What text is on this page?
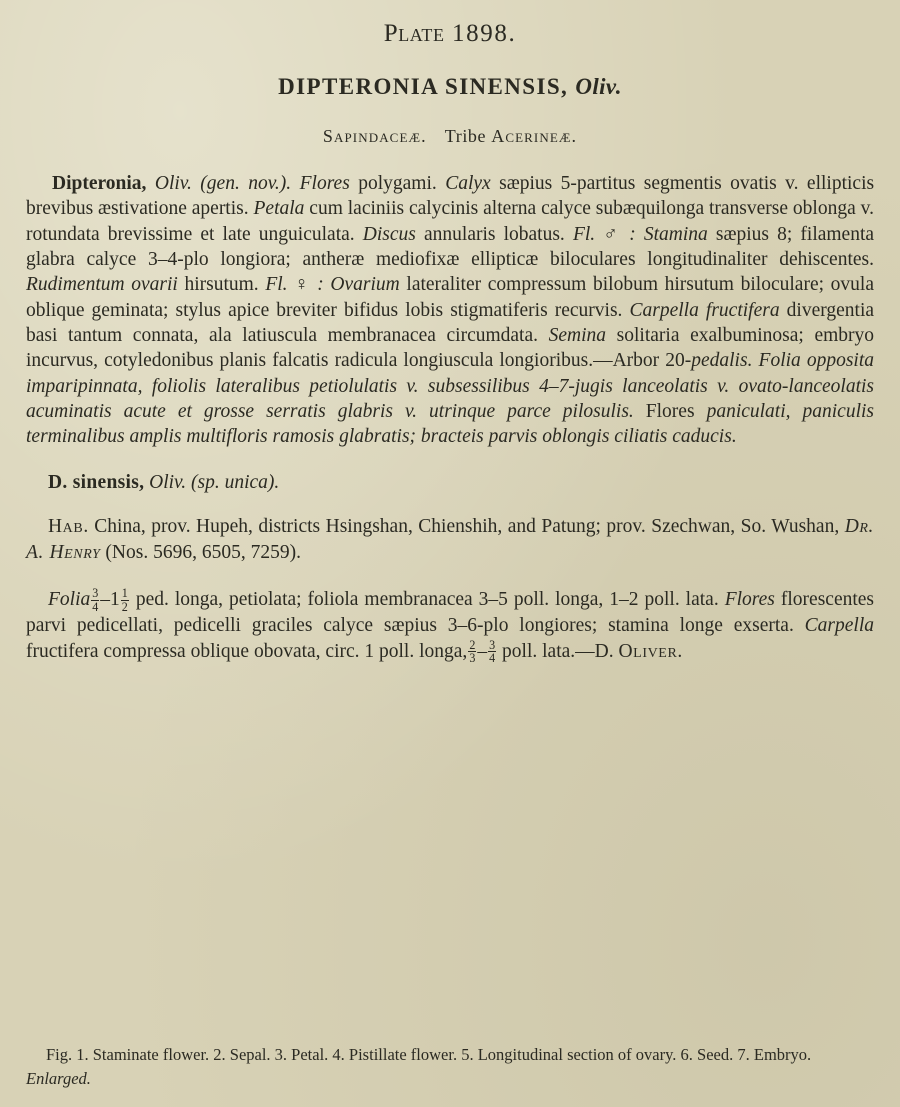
Plate 1898.
DIPTERONIA SINENSIS, Oliv.
Sapindaceæ. Tribe Acerineæ.

Dipteronia, Oliv. (gen. nov.). Flores polygami. Calyx sæpius 5-partitus segmentis ovatis v. ellipticis brevibus æstivatione apertis. Petala cum laciniis calycinis alterna calyce subæquilonga transverse oblonga v. rotundata brevissime et late unguiculata. Discus annularis lobatus. Fl. ♂ : Stamina sæpius 8; filamenta glabra calyce 3–4-plo longiora; antheræ mediofixæ ellipticæ biloculares longitudinaliter dehiscentes. Rudimentum ovarii hirsutum. Fl. ♀ : Ovarium lateraliter compressum bilobum hirsutum biloculare; ovula oblique geminata; stylus apice breviter bifidus lobis stigmatiferis recurvis. Carpella fructifera divergentia basi tantum connata, ala latiuscula membranacea circumdata. Semina solitaria exalbuminosa; embryo incurvus, cotyledonibus planis falcatis radicula longiuscula longioribus.—Arbor 20-pedalis. Folia opposita imparipinnata, foliolis lateralibus petiolulatis v. subsessilibus 4–7-jugis lanceolatis v. ovato-lanceolatis acuminatis acute et grosse serratis glabris v. utrinque parce pilosulis. Flores paniculati, paniculis terminalibus amplis multifloris ramosis glabratis; bracteis parvis oblongis ciliatis caducis.

D. sinensis, Oliv. (sp. unica).
Hab. China, prov. Hupeh, districts Hsingshan, Chienshih, and Patung; prov. Szechwan, So. Wushan, Dr. A. Henry (Nos. 5696, 6505, 7259).
Folia $\frac{3}{4} -1 \frac{1}{2}$ ped. longa, petiolata; foliola membranacea 3–5 poll. longa, 1–2 poll. lata. Flores florescentes parvi pedicellati, pedicelli graciles calyce sæpius 3–6-plo longiores; stamina longe exserta. Carpella fructifera compressa oblique obovata, circ. 1 poll. longa, $\frac{2}{3} - \frac{3}{4}$ poll. lata.—D. Oliver.
Fig. 1. Staminate flower. 2. Sepal. 3. Petal. 4. Pistillate flower. 5. Longitudinal section of ovary. 6. Seed. 7. Embryo. Enlarged.
